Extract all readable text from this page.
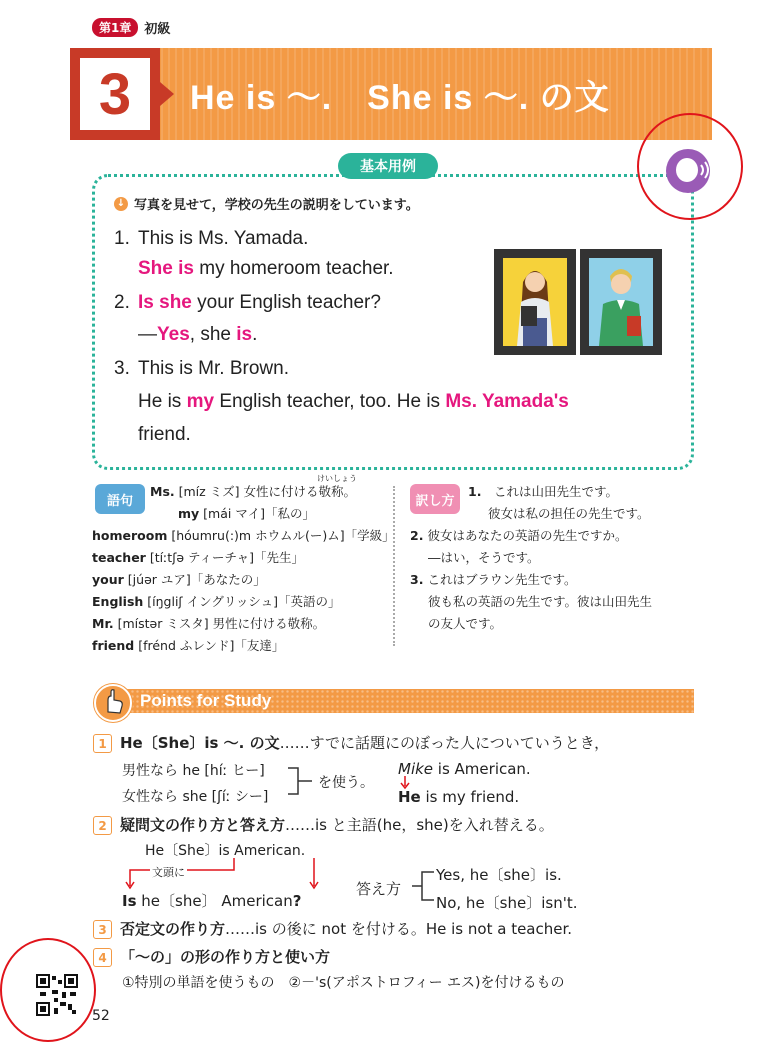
第1章	初級
3	He is ～.　She is ～. の文
基本用例
↓ 写真を見せて，学校の先生の説明をしています。
1. This is Ms. Yamada.
She is my homeroom teacher.
2. Is she your English teacher?
—Yes, she is.
3. This is Mr. Brown.
He is my English teacher, too. He is Ms. Yamada's
friend.
語句
けいしょう
Ms. [míz ミズ] 女性に付ける敬称。
my [mái マイ]「私の」
homeroom [hóumru(:)m ホウムル(ー)ム]「学級」
teacher [tíːtʃə ティーチャ]「先生」
your [júər ユア]「あなたの」
English [íŋgliʃ イングリッシュ]「英語の」
Mr. [místər ミスタ] 男性に付ける敬称。
friend [frénd ふレンド]「友達」
訳し方
1.　 これは山田先生です。
彼女は私の担任の先生です。
2. 彼女はあなたの英語の先生ですか。
―はい，そうです。
3. これはブラウン先生です。
彼も私の英語の先生です。彼は山田先生
の友人です。
Points for Study
1 He〔She〕is ～. の文……すでに話題にのぼった人についていうとき，
男性なら he [híː ヒー]
女性なら she [ʃíː シー]
を使う。
Mike is American.
He is my friend.
2 疑問文の作り方と答え方……is と主語(he，she)を入れ替える。
He〔She〕is American.
文頭に
Is he〔she〕 American?
答え方
Yes, he〔she〕is.
No, he〔she〕isn't.
3 否定文の作り方……is の後に not を付ける。He is not a teacher.
4 「～の」の形の作り方と使い方
①特別の単語を使うもの　②－'s(アポストロフィー エス)を付けるもの
52
